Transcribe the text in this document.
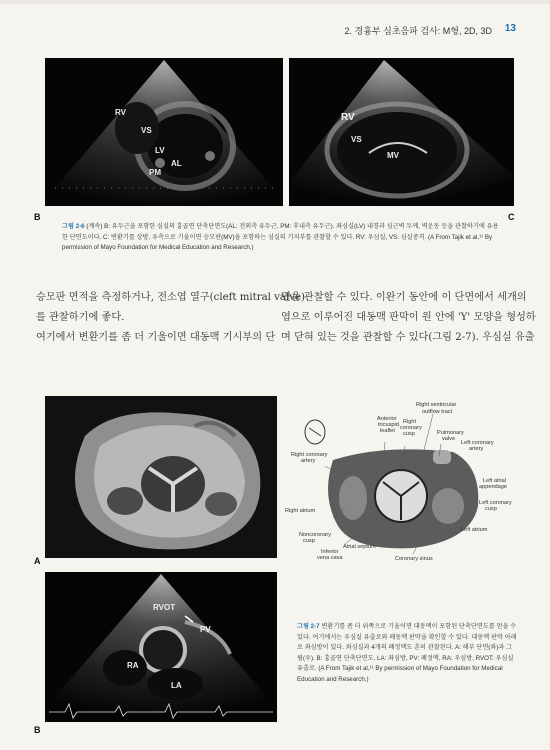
2. 경흉부 심초음파 검사: M형, 2D, 3D 13
RV
VS
LV
AL
PM
B
RV
VS
MV
C
그림 2-6 (계속) B: 유두근을 포함한 심실의 흉골연 단축단면도(AL: 전외측 유두근, PM: 후내측 유두근). 좌심실(LV) 내경과 심근벽 두께, 벽운동 등을 관찰하기에 유용한 단면도이다. C: 변환기를 상방, 우측으로 기울이면 승모판(MV)을 포함하는 심실의 기저부를 관찰할 수 있다. RV: 우심실, VS: 심실중격. (A From Tajik et al,¹¹ By permission of Mayo Foundation for Medical Education and Research.)

승모판 면적을 측정하거나, 전소엽 열구(cleft mitral valve)

를 관찰하기에 좋다.

여기에서 변환기를 좀 더 기울이면 대동맥 기시부의 단

면을 관찰할 수 있다. 이완기 동안에 이 단면에서 세개의

엽으로 이루어진 대동맥 판막이 원 안에 'Y' 모양을 형성하

며 닫혀 있는 것을 관찰할 수 있다(그림 2-7). 우심실 유출

A
Right ventricular outflow tract
Anterior tricuspid leaflet
Right coronary cusp	Pulmonary valve
Left coronary artery
Right coronary artery
Left atrial appendage
Right atrium
Left coronary cusp
Noncoronary cusp
Left atrium
Atrial septum
Inferior vena cava	Coronary sinus
RVOT
PV
RA
LA
B
그림 2-7 변환기를 좀 더 위쪽으로 기울이면 대동맥이 포함된 단축단면도를 얻을 수 있다. 여기에서는 우심실 유출로와 폐동맥 판막을 확인할 수 있다. 대동맥 판막 아래로 좌심방이 있다. 좌심실과 4개의 폐정맥도 흔히 관찰된다. A: 해부 단면(좌)과 그림(우). B: 흉골연 단축단면도. LA: 좌심방, PV: 폐정맥, RA: 우심방, RVOT: 우심실 유출로. (A From Tajik et al,¹¹ By permission of Mayo Foundation for Medical Education and Research.)
